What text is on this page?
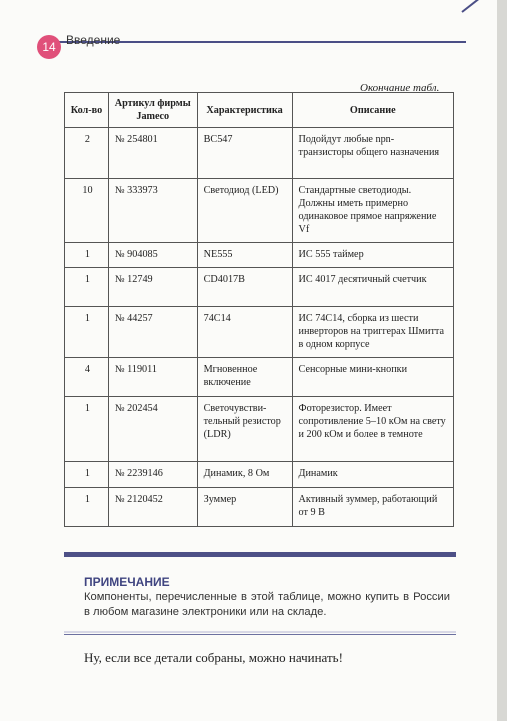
14 Введение
Окончание табл.
Кол-во	Артикул фирмы Jameco	Характеристика	Описание
2	№ 254801	BC547	Подойдут любые npn-транзисторы общего назначения
10	№ 333973	Светодиод (LED)	Стандартные светодиоды. Должны иметь примерно одинаковое прямое напряжение Vf
1	№ 904085	NE555	ИС 555 таймер
1	№ 12749	CD4017B	ИС 4017 десятичный счетчик
1	№ 44257	74C14	ИС 74C14, сборка из шести инверторов на триггерах Шмитта в одном корпусе
4	№ 119011	Мгновенное включение	Сенсорные мини-кнопки
1	№ 202454	Светочувстви-тельный резистор (LDR)	Фоторезистор. Имеет сопротивление 5–10 кОм на свету и 200 кОм и более в темноте
1	№ 2239146	Динамик, 8 Ом	Динамик
1	№ 2120452	Зуммер	Активный зуммер, работающий от 9 В
ПРИМЕЧАНИЕ
Компоненты, перечисленные в этой таблице, можно купить в России в любом магазине электроники или на складе.
Ну, если все детали собраны, можно начинать!
